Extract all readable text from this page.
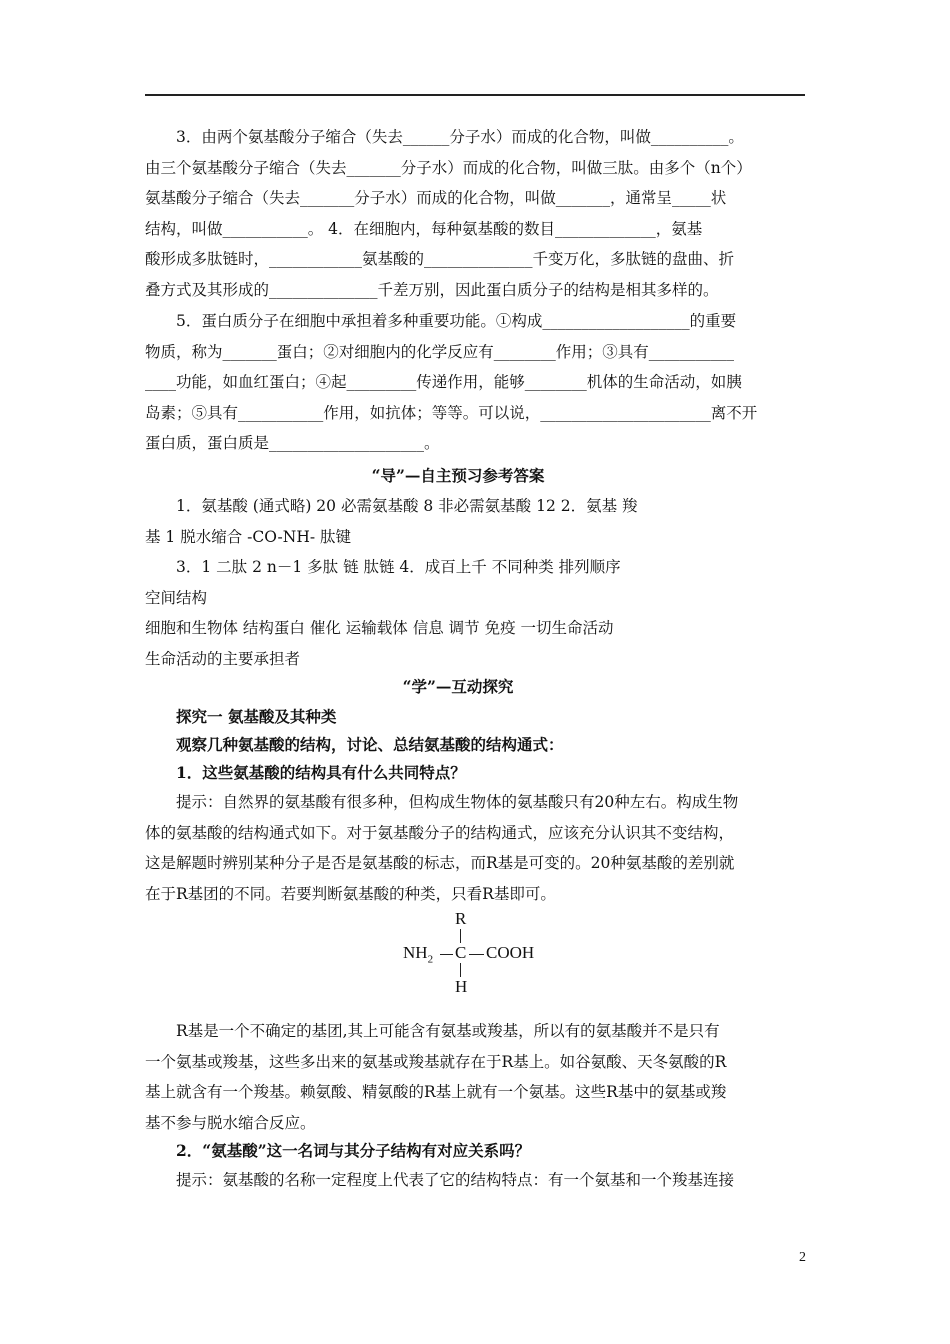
3．由两个氨基酸分子缩合（失去______分子水）而成的化合物，叫做__________。
由三个氨基酸分子缩合（失去_______分子水）而成的化合物，叫做三肽。由多个（n个）
氨基酸分子缩合（失去_______分子水）而成的化合物，叫做_______，通常呈_____状
结构，叫做___________。 4．在细胞内，每种氨基酸的数目_____________，氨基
酸形成多肽链时，____________氨基酸的______________千变万化，多肽链的盘曲、折
叠方式及其形成的______________千差万别，因此蛋白质分子的结构是相其多样的。
5．蛋白质分子在细胞中承担着多种重要功能。①构成___________________的重要
物质，称为_______蛋白；②对细胞内的化学反应有________作用；③具有___________
____功能，如血红蛋白；④起_________传递作用，能够________机体的生命活动，如胰
岛素；⑤具有___________作用，如抗体；等等。可以说，______________________离不开
蛋白质，蛋白质是____________________。
“导”—自主预习参考答案
1．氨基酸 (通式略) 20 必需氨基酸 8 非必需氨基酸 12 2．氨基 羧
基 1 脱水缩合 -CO-NH- 肽键
3．1 二肽 2 n－1 多肽 链 肽链 4．成百上千 不同种类 排列顺序
空间结构
细胞和生物体 结构蛋白 催化 运输载体 信息 调节 免疫 一切生命活动
生命活动的主要承担者
“学”—互动探究
探究一 氨基酸及其种类
观察几种氨基酸的结构，讨论、总结氨基酸的结构通式：
1．这些氨基酸的结构具有什么共同特点？
提示：自然界的氨基酸有很多种，但构成生物体的氨基酸只有20种左右。构成生物
体的氨基酸的结构通式如下。对于氨基酸分子的结构通式，应该充分认识其不变结构，
这是解题时辨别某种分子是否是氨基酸的标志，而R基是可变的。20种氨基酸的差别就
在于R基团的不同。若要判断氨基酸的种类，只看R基即可。
R
$NH_2$ C COOH
H
R基是一个不确定的基团,其上可能含有氨基或羧基，所以有的氨基酸并不是只有
一个氨基或羧基，这些多出来的氨基或羧基就存在于R基上。如谷氨酸、天冬氨酸的R
基上就含有一个羧基。赖氨酸、精氨酸的R基上就有一个氨基。这些R基中的氨基或羧
基不参与脱水缩合反应。
2．“氨基酸”这一名词与其分子结构有对应关系吗？
提示：氨基酸的名称一定程度上代表了它的结构特点：有一个氨基和一个羧基连接
2
